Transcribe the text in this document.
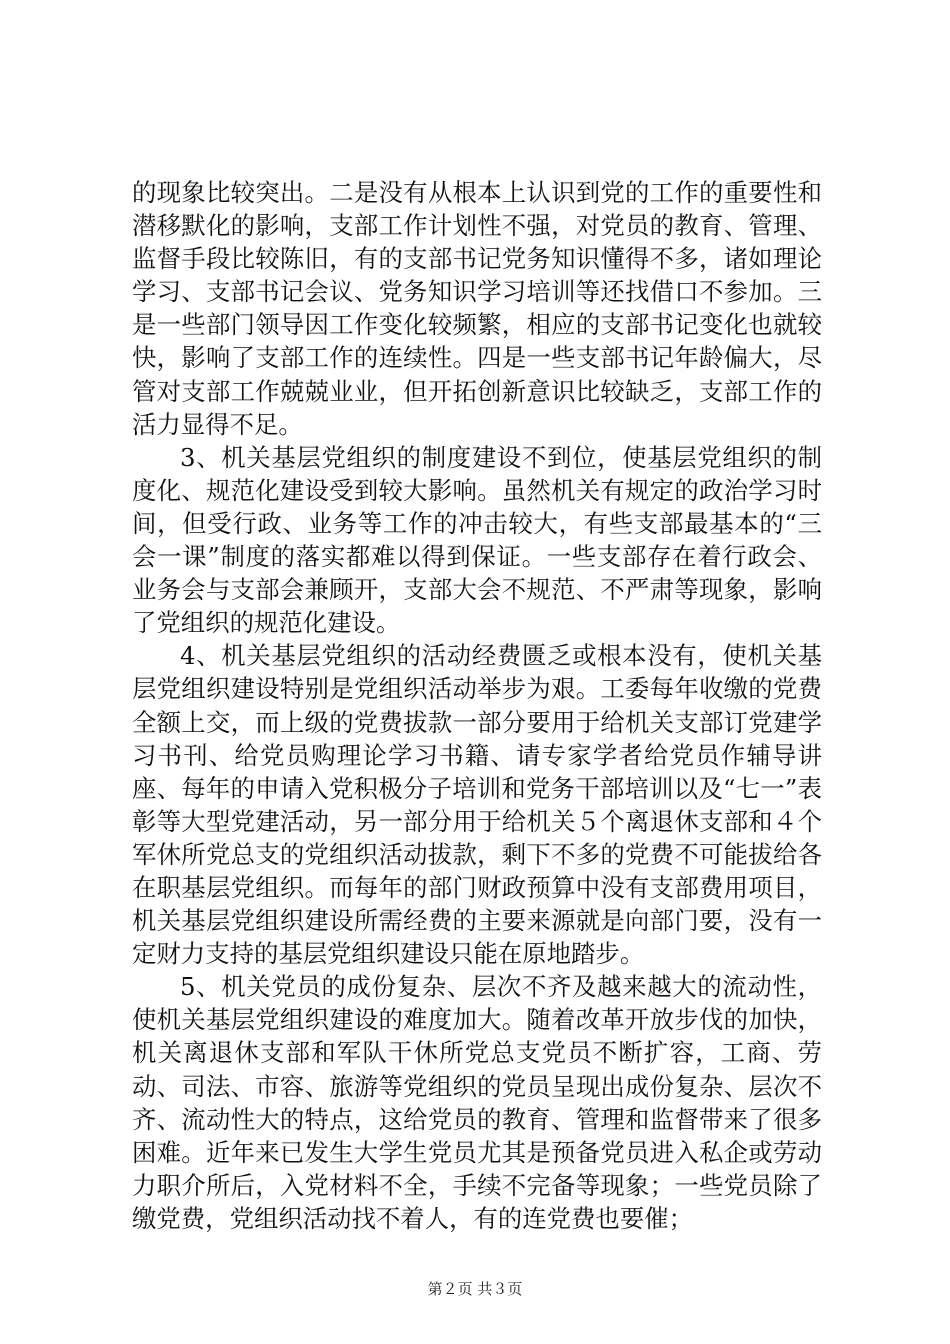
的现象比较突出。二是没有从根本上认识到党的工作的重要性和潜移默化的影响，支部工作计划性不强，对党员的教育、管理、监督手段比较陈旧，有的支部书记党务知识懂得不多，诸如理论学习、支部书记会议、党务知识学习培训等还找借口不参加。三是一些部门领导因工作变化较频繁，相应的支部书记变化也就较快，影响了支部工作的连续性。四是一些支部书记年龄偏大，尽管对支部工作兢兢业业，但开拓创新意识比较缺乏，支部工作的活力显得不足。

3、机关基层党组织的制度建设不到位，使基层党组织的制度化、规范化建设受到较大影响。虽然机关有规定的政治学习时间，但受行政、业务等工作的冲击较大，有些支部最基本的“三会一课”制度的落实都难以得到保证。一些支部存在着行政会、业务会与支部会兼顾开，支部大会不规范、不严肃等现象，影响了党组织的规范化建设。

4、机关基层党组织的活动经费匮乏或根本没有，使机关基层党组织建设特别是党组织活动举步为艰。工委每年收缴的党费全额上交，而上级的党费拔款一部分要用于给机关支部订党建学习书刊、给党员购理论学习书籍、请专家学者给党员作辅导讲座、每年的申请入党积极分子培训和党务干部培训以及“七一”表彰等大型党建活动，另一部分用于给机关５个离退休支部和４个军休所党总支的党组织活动拔款，剩下不多的党费不可能拔给各在职基层党组织。而每年的部门财政预算中没有支部费用项目，机关基层党组织建设所需经费的主要来源就是向部门要，没有一定财力支持的基层党组织建设只能在原地踏步。

5、机关党员的成份复杂、层次不齐及越来越大的流动性，使机关基层党组织建设的难度加大。随着改革开放步伐的加快，机关离退休支部和军队干休所党总支党员不断扩容，工商、劳动、司法、市容、旅游等党组织的党员呈现出成份复杂、层次不齐、流动性大的特点，这给党员的教育、管理和监督带来了很多困难。近年来已发生大学生党员尤其是预备党员进入私企或劳动力职介所后，入党材料不全，手续不完备等现象；一些党员除了缴党费，党组织活动找不着人，有的连党费也要催；

第２页 共３页
